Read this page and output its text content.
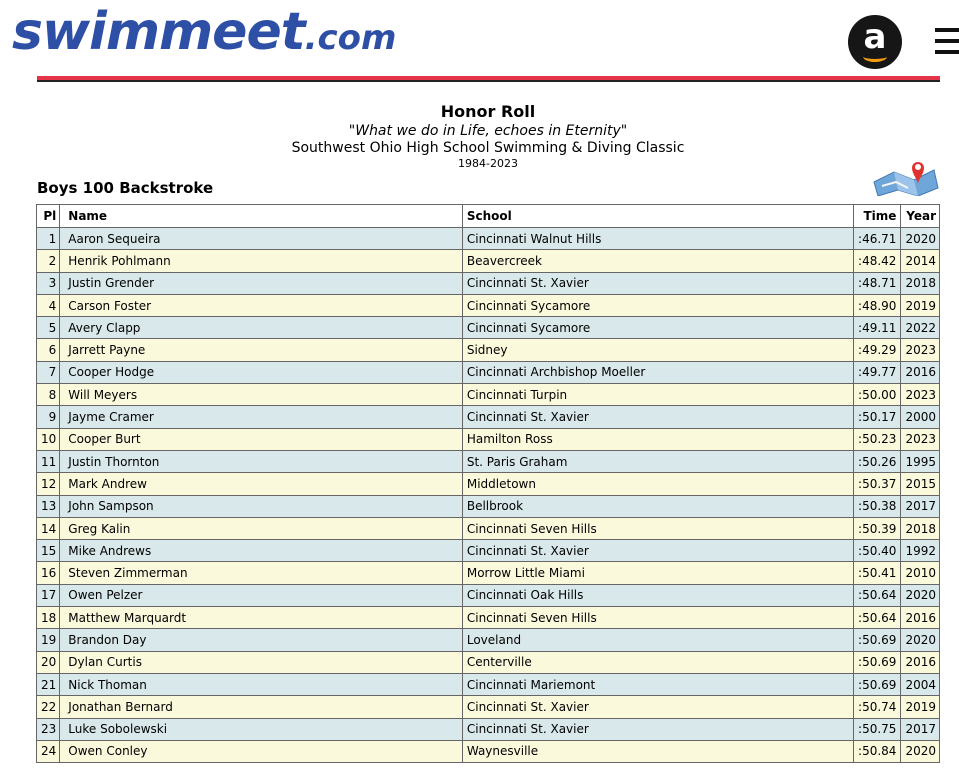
swimmeet.com	a
Honor Roll
"What we do in Life, echoes in Eternity"
Southwest Ohio High School Swimming & Diving Classic
1984-2023
Boys 100 Backstroke
Pl	Name	School	Time	Year
1	Aaron Sequeira	Cincinnati Walnut Hills	:46.71	2020
2	Henrik Pohlmann	Beavercreek	:48.42	2014
3	Justin Grender	Cincinnati St. Xavier	:48.71	2018
4	Carson Foster	Cincinnati Sycamore	:48.90	2019
5	Avery Clapp	Cincinnati Sycamore	:49.11	2022
6	Jarrett Payne	Sidney	:49.29	2023
7	Cooper Hodge	Cincinnati Archbishop Moeller	:49.77	2016
8	Will Meyers	Cincinnati Turpin	:50.00	2023
9	Jayme Cramer	Cincinnati St. Xavier	:50.17	2000
10	Cooper Burt	Hamilton Ross	:50.23	2023
11	Justin Thornton	St. Paris Graham	:50.26	1995
12	Mark Andrew	Middletown	:50.37	2015
13	John Sampson	Bellbrook	:50.38	2017
14	Greg Kalin	Cincinnati Seven Hills	:50.39	2018
15	Mike Andrews	Cincinnati St. Xavier	:50.40	1992
16	Steven Zimmerman	Morrow Little Miami	:50.41	2010
17	Owen Pelzer	Cincinnati Oak Hills	:50.64	2020
18	Matthew Marquardt	Cincinnati Seven Hills	:50.64	2016
19	Brandon Day	Loveland	:50.69	2020
20	Dylan Curtis	Centerville	:50.69	2016
21	Nick Thoman	Cincinnati Mariemont	:50.69	2004
22	Jonathan Bernard	Cincinnati St. Xavier	:50.74	2019
23	Luke Sobolewski	Cincinnati St. Xavier	:50.75	2017
24	Owen Conley	Waynesville	:50.84	2020
